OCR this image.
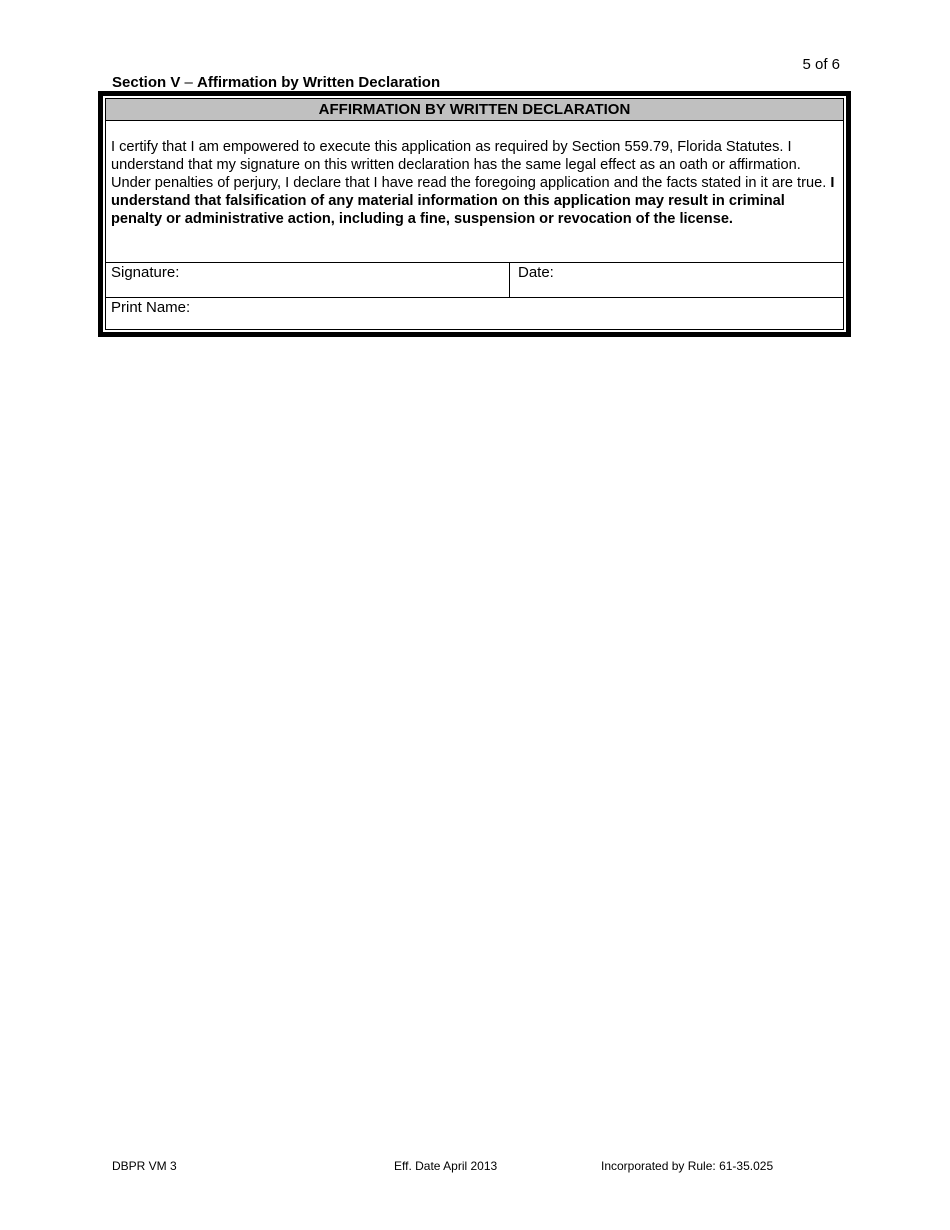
5 of 6
Section V – Affirmation by Written Declaration
AFFIRMATION BY WRITTEN DECLARATION
I certify that I am empowered to execute this application as required by Section 559.79, Florida Statutes. I understand that my signature on this written declaration has the same legal effect as an oath or affirmation. Under penalties of perjury, I declare that I have read the foregoing application and the facts stated in it are true. I understand that falsification of any material information on this application may result in criminal penalty or administrative action, including a fine, suspension or revocation of the license.
Signature:	Date:
Print Name:
DBPR VM 3	Eff. Date April 2013	Incorporated by Rule: 61-35.025
